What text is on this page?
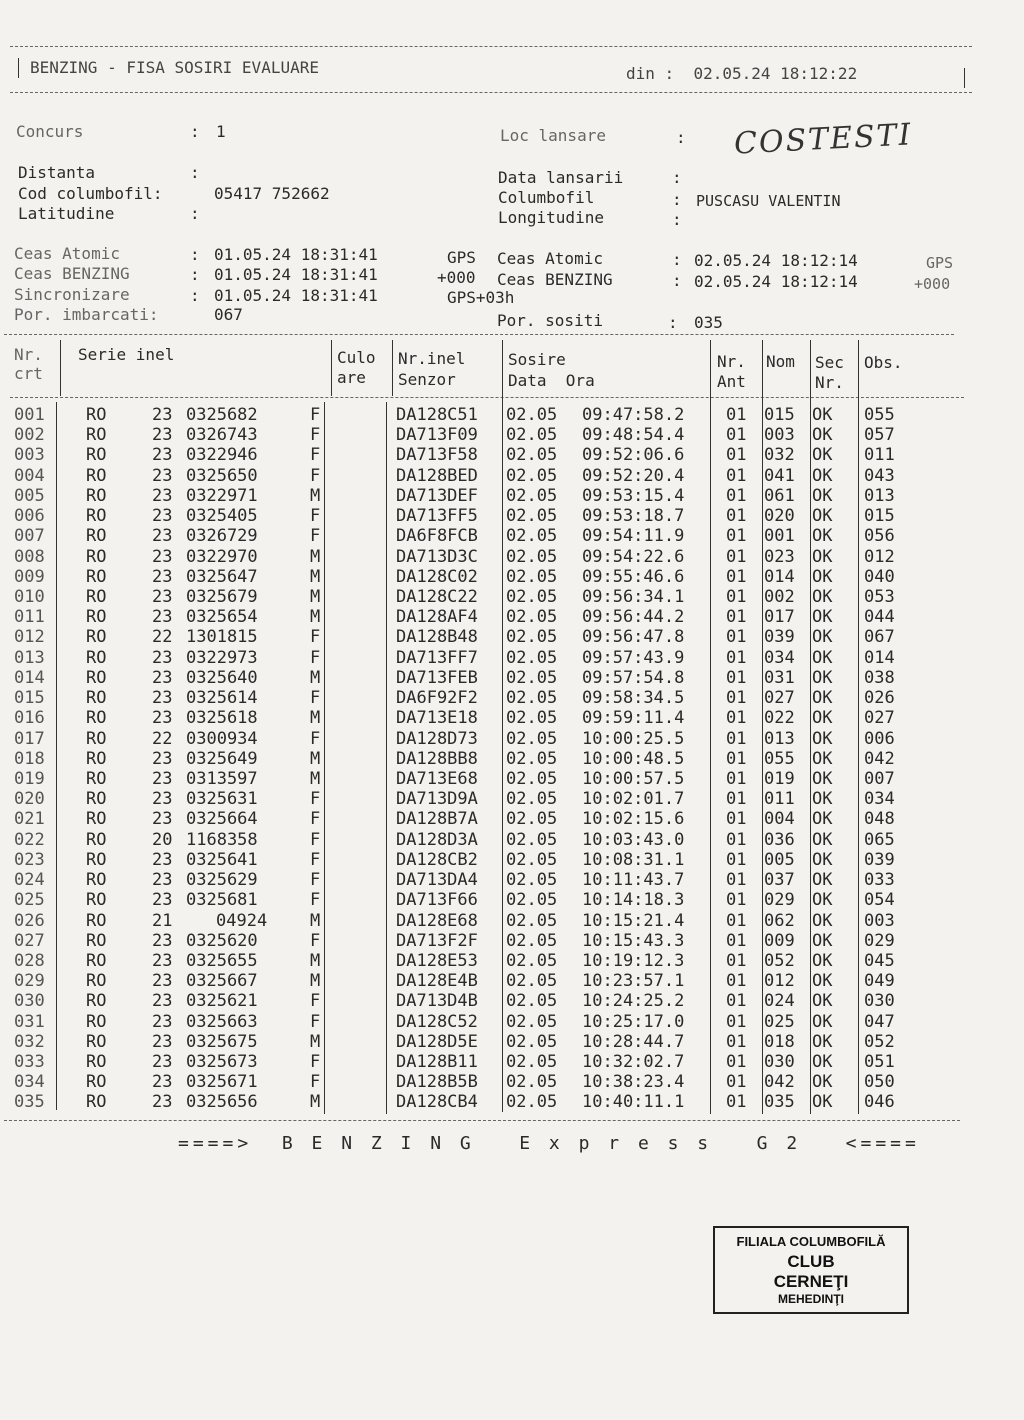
BENZING - FISA SOSIRI EVALUARE	din : 02.05.24 18:12:22
Concurs	: 1	Loc lansare	: COSTESTI
Distanta	:
Cod columbofil:	05417 752662
Latitudine	:
Data lansarii	:
Columbofil	: PUSCASU VALENTIN
Longitudine	:
Ceas Atomic	: 01.05.24 18:31:41	GPS
Ceas BENZING	: 01.05.24 18:31:41	+000
Sincronizare	: 01.05.24 18:31:41	GPS+03h
Por. imbarcati:	067
Ceas Atomic	: 02.05.24 18:12:14	GPS
Ceas BENZING	: 02.05.24 18:12:14	+000
Por. sositi	: 035
Nr.
crt
Serie inel	Culo
are
Nr.inel
Senzor
Sosire
Data  Ora
Nr.
Ant
Nom Sec
Nr.
Obs.
001 RO	23 0325682	F	DA128C51 02.05 09:47:58.2 01 015 OK 055
002 RO	23 0326743	F	DA713F09 02.05 09:48:54.4 01 003 OK 057
003 RO	23 0322946	F	DA713F58 02.05 09:52:06.6 01 032 OK 011
004 RO	23 0325650	F	DA128BED 02.05 09:52:20.4 01 041 OK 043
005 RO	23 0322971	M	DA713DEF 02.05 09:53:15.4 01 061 OK 013
006 RO	23 0325405	F	DA713FF5 02.05 09:53:18.7 01 020 OK 015
007 RO	23 0326729	F	DA6F8FCB 02.05 09:54:11.9 01 001 OK 056
008 RO	23 0322970	M	DA713D3C 02.05 09:54:22.6 01 023 OK 012
009 RO	23 0325647	M	DA128C02 02.05 09:55:46.6 01 014 OK 040
010 RO	23 0325679	M	DA128C22 02.05 09:56:34.1 01 002 OK 053
011 RO	23 0325654	M	DA128AF4 02.05 09:56:44.2 01 017 OK 044
012 RO	22 1301815	F	DA128B48 02.05 09:56:47.8 01 039 OK 067
013 RO	23 0322973	F	DA713FF7 02.05 09:57:43.9 01 034 OK 014
014 RO	23 0325640	M	DA713FEB 02.05 09:57:54.8 01 031 OK 038
015 RO	23 0325614	F	DA6F92F2 02.05 09:58:34.5 01 027 OK 026
016 RO	23 0325618	M	DA713E18 02.05 09:59:11.4 01 022 OK 027
017 RO	22 0300934	F	DA128D73 02.05 10:00:25.5 01 013 OK 006
018 RO	23 0325649	M	DA128BB8 02.05 10:00:48.5 01 055 OK 042
019 RO	23 0313597	M	DA713E68 02.05 10:00:57.5 01 019 OK 007
020 RO	23 0325631	F	DA713D9A 02.05 10:02:01.7 01 011 OK 034
021 RO	23 0325664	F	DA128B7A 02.05 10:02:15.6 01 004 OK 048
022 RO	20 1168358	F	DA128D3A 02.05 10:03:43.0 01 036 OK 065
023 RO	23 0325641	F	DA128CB2 02.05 10:08:31.1 01 005 OK 039
024 RO	23 0325629	F	DA713DA4 02.05 10:11:43.7 01 037 OK 033
025 RO	23 0325681	F	DA713F66 02.05 10:14:18.3 01 029 OK 054
026 RO	21	04924	M	DA128E68 02.05 10:15:21.4 01 062 OK 003
027 RO	23 0325620	F	DA713F2F 02.05 10:15:43.3 01 009 OK 029
028 RO	23 0325655	M	DA128E53 02.05 10:19:12.3 01 052 OK 045
029 RO	23 0325667	M	DA128E4B 02.05 10:23:57.1 01 012 OK 049
030 RO	23 0325621	F	DA713D4B 02.05 10:24:25.2 01 024 OK 030
031 RO	23 0325663	F	DA128C52 02.05 10:25:17.0 01 025 OK 047
032 RO	23 0325675	M	DA128D5E 02.05 10:28:44.7 01 018 OK 052
033 RO	23 0325673	F	DA128B11 02.05 10:32:02.7 01 030 OK 051
034 RO	23 0325671	F	DA128B5B 02.05 10:38:23.4 01 042 OK 050
035 RO	23 0325656	M	DA128CB4 02.05 10:40:11.1 01 035 OK 046
====>  B E N Z I N G   E x p r e s s   G 2   <====
FILIALA COLUMBOFILĂ
CLUB
CERNEŢI
MEHEDINŢI
